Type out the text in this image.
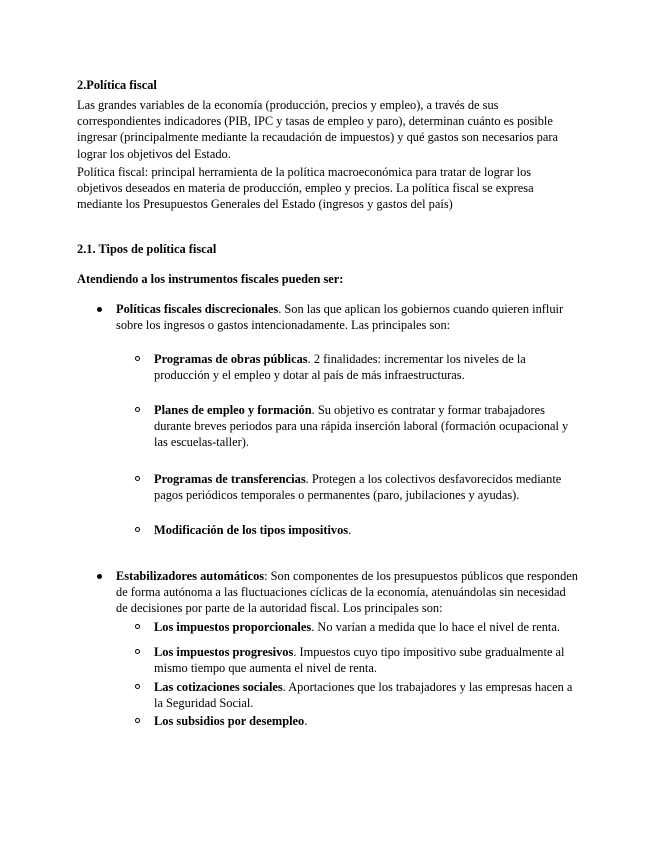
2.Política fiscal

Las grandes variables de la economía (producción, precios y empleo), a través de sus correspondientes indicadores (PIB, IPC y tasas de empleo y paro), determinan cuánto es posible ingresar (principalmente mediante la recaudación de impuestos) y qué gastos son necesarios para lograr los objetivos del Estado.

Política fiscal: principal herramienta de la política macroeconómica para tratar de lograr los objetivos deseados en materia de producción, empleo y precios. La política fiscal se expresa mediante los Presupuestos Generales del Estado (ingresos y gastos del país)

2.1. Tipos de política fiscal

Atendiendo a los instrumentos fiscales pueden ser:

Políticas fiscales discrecionales. Son las que aplican los gobiernos cuando quieren influir sobre los ingresos o gastos intencionadamente. Las principales son:

Programas de obras públicas. 2 finalidades: incrementar los niveles de la producción y el empleo y dotar al país de más infraestructuras.

Planes de empleo y formación. Su objetivo es contratar y formar trabajadores durante breves periodos para una rápida inserción laboral (formación ocupacional y las escuelas-taller).

Programas de transferencias. Protegen a los colectivos desfavorecidos mediante pagos periódicos temporales o permanentes (paro, jubilaciones y ayudas).

Modificación de los tipos impositivos.

Estabilizadores automáticos: Son componentes de los presupuestos públicos que responden de forma autónoma a las fluctuaciones cíclicas de la economía, atenuándolas sin necesidad de decisiones por parte de la autoridad fiscal. Los principales son:

Los impuestos proporcionales. No varían a medida que lo hace el nivel de renta.

Los impuestos progresivos. Impuestos cuyo tipo impositivo sube gradualmente al mismo tiempo que aumenta el nivel de renta.

Las cotizaciones sociales. Aportaciones que los trabajadores y las empresas hacen a la Seguridad Social.

Los subsidios por desempleo.
